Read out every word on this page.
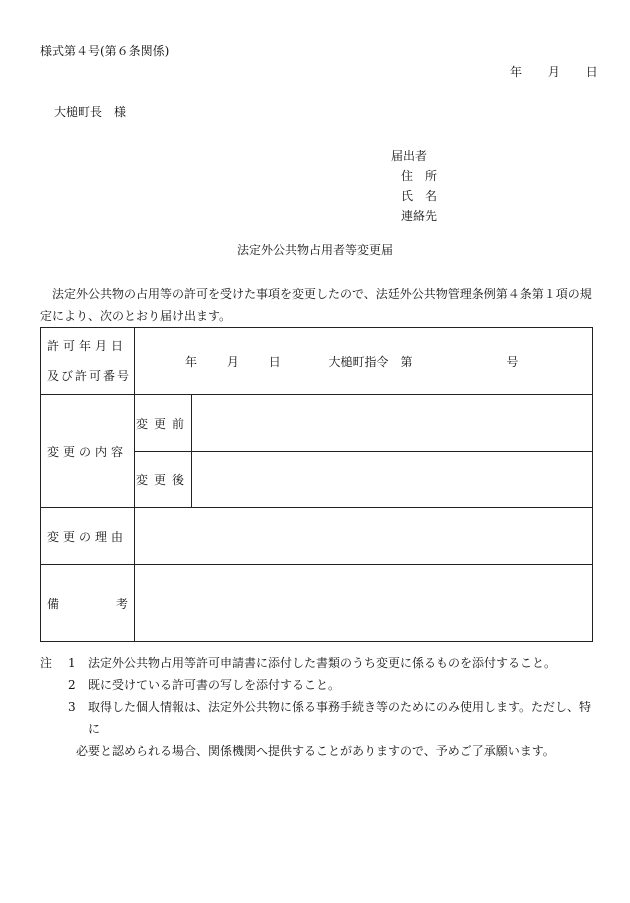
様式第４号(第６条関係)
年 月 日
大槌町長　様
届出者
住　所
氏　名
連絡先
法定外公共物占用者等変更届
法定外公共物の占用等の許可を受けた事項を変更したので、法廷外公共物管理条例第４条第１項の規定により、次のとおり届け出ます。
許可年月日
及び許可番号	年 月 日 大槌町指令　第 号	
変更の内容	変更前	
	変更後	
変更の理由		

備 考		

注 1 法定外公共物占用等許可申請書に添付した書類のうち変更に係るものを添付すること。
2 既に受けている許可書の写しを添付すること。
3 取得した個人情報は、法定外公共物に係る事務手続き等のためにのみ使用します。ただし、特に
必要と認められる場合、関係機関へ提供することがありますので、予めご了承願います。
